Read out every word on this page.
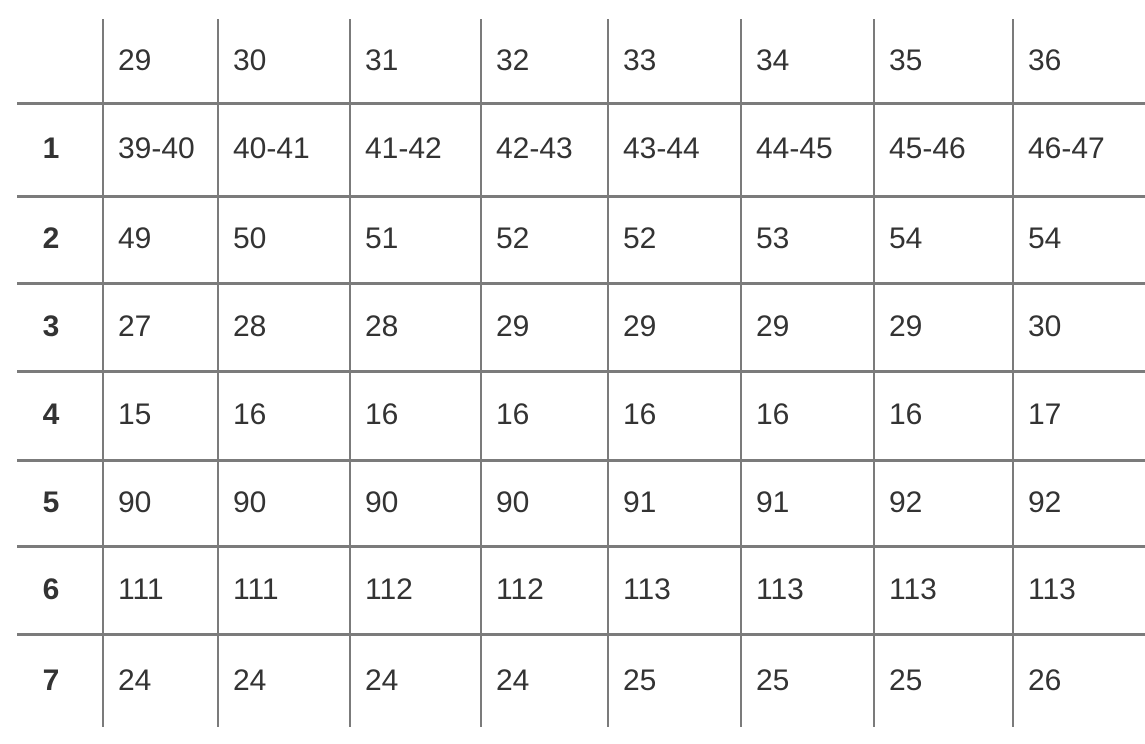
	29	30	31	32	33	34	35	36
1	39-40	40-41	41-42	42-43	43-44	44-45	45-46	46-47
2	49	50	51	52	52	53	54	54
3	27	28	28	29	29	29	29	30
4	15	16	16	16	16	16	16	17
5	90	90	90	90	91	91	92	92
6	111	111	112	112	113	113	113	113
7	24	24	24	24	25	25	25	26
